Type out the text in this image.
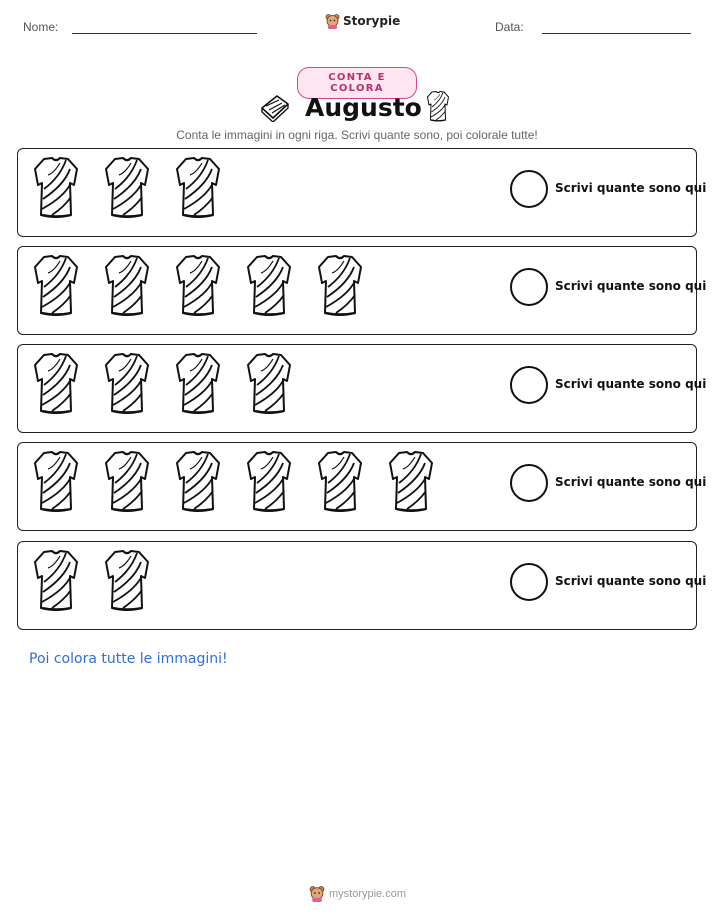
Nome:	Storypie	Data:
CONTA E COLORA
Augusto
Conta le immagini in ogni riga. Scrivi quante sono, poi colorale tutte!
Scrivi quante sono qui
Scrivi quante sono qui
Scrivi quante sono qui
Scrivi quante sono qui
Scrivi quante sono qui
Poi colora tutte le immagini!
mystorypie.com
